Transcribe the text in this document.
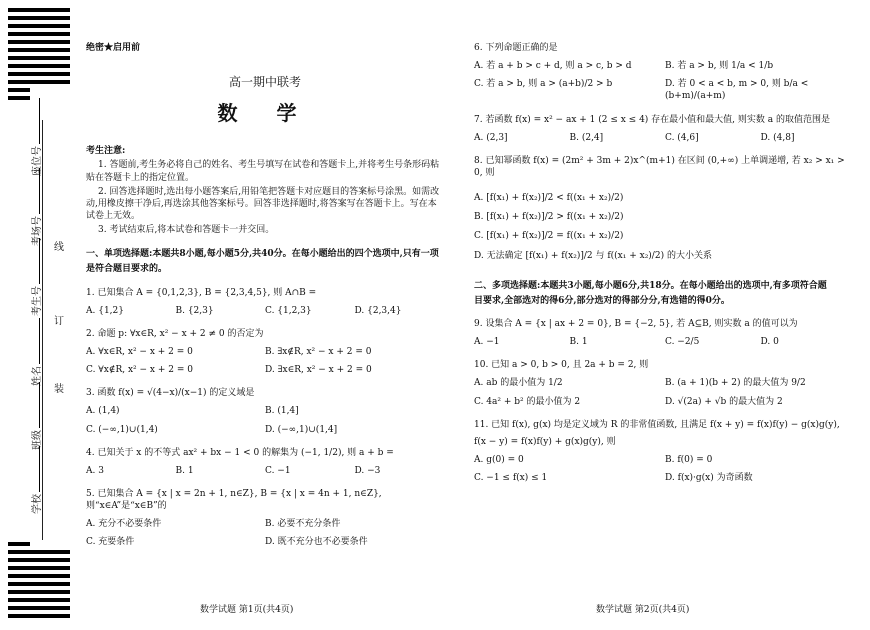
座位号
考场号
考生号
姓名
班级
学校
线
订
装
绝密★启用前
高一期中联考
数 学
考生注意:

1. 答题前,考生务必将自己的姓名、考生号填写在试卷和答题卡上,并将考生号条形码粘贴在答题卡上的指定位置。

2. 回答选择题时,选出每小题答案后,用铅笔把答题卡对应题目的答案标号涂黑。如需改动,用橡皮擦干净后,再选涂其他答案标号。回答非选择题时,将答案写在答题卡上。写在本试卷上无效。

3. 考试结束后,将本试卷和答题卡一并交回。

一、单项选择题:本题共8小题,每小题5分,共40分。在每小题给出的四个选项中,只有一项
是符合题目要求的。
1. 已知集合 A = {0,1,2,3}, B = {2,3,4,5}, 则 A∩B =
A. {1,2}	B. {2,3}	C. {1,2,3}	D. {2,3,4}
2. 命题 p: ∀x∈R, x² − x + 2 ≠ 0 的否定为
A. ∀x∈R, x² − x + 2 = 0	B. ∃x∉R, x² − x + 2 = 0
C. ∀x∉R, x² − x + 2 = 0	D. ∃x∈R, x² − x + 2 = 0
3. 函数 f(x) = √(4−x)/(x−1) 的定义域是
A. (1,4)	B. (1,4]
C. (−∞,1)∪(1,4)	D. (−∞,1)∪(1,4]
4. 已知关于 x 的不等式 ax² + bx − 1 < 0 的解集为 (−1, 1/2), 则 a + b =
A. 3	B. 1	C. −1	D. −3
5. 已知集合 A = {x | x = 2n + 1, n∈Z}, B = {x | x = 4n + 1, n∈Z}, 则“x∈A”是“x∈B”的
A. 充分不必要条件	B. 必要不充分条件
C. 充要条件	D. 既不充分也不必要条件
6. 下列命题正确的是
A. 若 a + b > c + d, 则 a > c, b > d	B. 若 a > b, 则 1/a < 1/b
C. 若 a > b, 则 a > (a+b)/2 > b	D. 若 0 < a < b, m > 0, 则 b/a < (b+m)/(a+m)
7. 若函数 f(x) = x² − ax + 1 (2 ≤ x ≤ 4) 存在最小值和最大值, 则实数 a 的取值范围是
A. (2,3]	B. (2,4]	C. (4,6]	D. (4,8]
8. 已知幂函数 f(x) = (2m² + 3m + 2)x^(m+1) 在区间 (0,+∞) 上单调递增, 若 x₂ > x₁ > 0, 则
A. [f(x₁) + f(x₂)]/2 < f((x₁ + x₂)/2)
B. [f(x₁) + f(x₂)]/2 > f((x₁ + x₂)/2)
C. [f(x₁) + f(x₂)]/2 = f((x₁ + x₂)/2)
D. 无法确定 [f(x₁) + f(x₂)]/2 与 f((x₁ + x₂)/2) 的大小关系
二、多项选择题:本题共3小题,每小题6分,共18分。在每小题给出的选项中,有多项符合题
目要求,全部选对的得6分,部分选对的得部分分,有选错的得0分。
9. 设集合 A = {x | ax + 2 = 0}, B = {−2, 5}, 若 A⊆B, 则实数 a 的值可以为
A. −1	B. 1	C. −2/5	D. 0
10. 已知 a > 0, b > 0, 且 2a + b = 2, 则
A. ab 的最小值为 1/2	B. (a + 1)(b + 2) 的最大值为 9/2
C. 4a² + b² 的最小值为 2	D. √(2a) + √b 的最大值为 2
11. 已知 f(x), g(x) 均是定义域为 R 的非常值函数, 且满足 f(x + y) = f(x)f(y) − g(x)g(y),
f(x − y) = f(x)f(y) + g(x)g(y), 则
A. g(0) = 0	B. f(0) = 0
C. −1 ≤ f(x) ≤ 1	D. f(x)·g(x) 为奇函数
数学试题 第1页(共4页)	数学试题 第2页(共4页)
